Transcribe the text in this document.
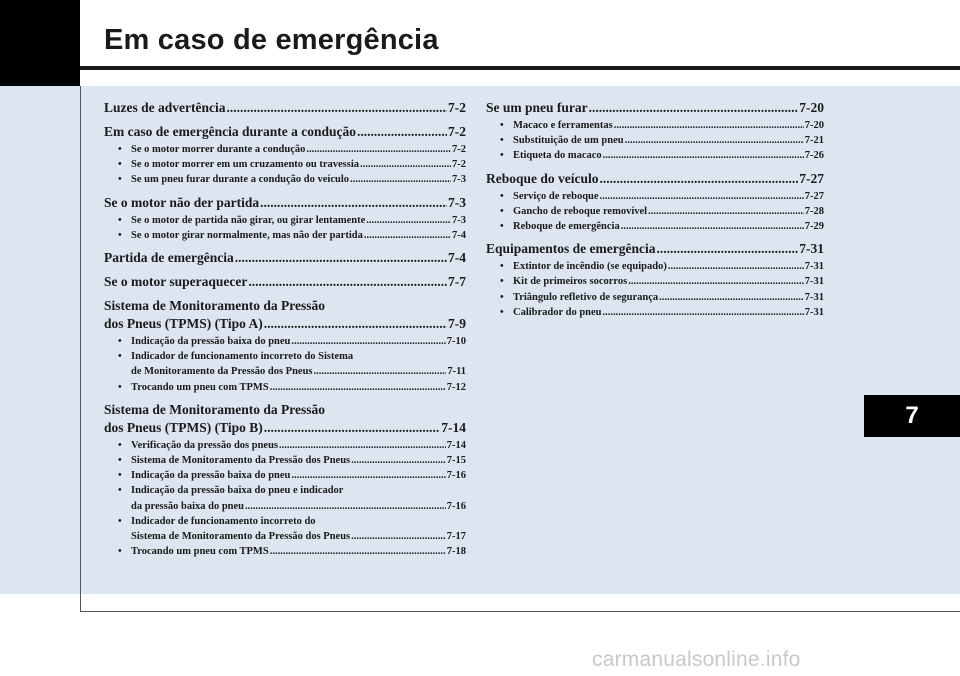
Em caso de emergência
7
Luzes de advertência .....	7-2
Em caso de emergência durante a condução .....	7-2
• Se o motor morrer durante a condução .....	7-2
• Se o motor morrer em um cruzamento ou travessia .....	7-2
• Se um pneu furar durante a condução do veículo .....	7-3
Se o motor não der partida .....	7-3
• Se o motor de partida não girar, ou girar lentamente .....	7-3
• Se o motor girar normalmente, mas não der partida .....	7-4
Partida de emergência .....	7-4
Se o motor superaquecer .....	7-7
Sistema de Monitoramento da Pressão
dos Pneus (TPMS) (Tipo A) .....	7-9
• Indicação da pressão baixa do pneu .....	7-10
• Indicador de funcionamento incorreto do Sistema
de Monitoramento da Pressão dos Pneus .....	7-11
• Trocando um pneu com TPMS .....	7-12
Sistema de Monitoramento da Pressão
dos Pneus (TPMS) (Tipo B) .....	7-14
• Verificação da pressão dos pneus .....	7-14
• Sistema de Monitoramento da Pressão dos Pneus .....	7-15
• Indicação da pressão baixa do pneu .....	7-16
• Indicação da pressão baixa do pneu e indicador
da pressão baixa do pneu .....	7-16
• Indicador de funcionamento incorreto do
Sistema de Monitoramento da Pressão dos Pneus .....	7-17
• Trocando um pneu com TPMS .....	7-18
Se um pneu furar .....	7-20
• Macaco e ferramentas .....	7-20
• Substituição de um pneu .....	7-21
• Etiqueta do macaco .....	7-26
Reboque do veículo .....	7-27
• Serviço de reboque .....	7-27
• Gancho de reboque removível .....	7-28
• Reboque de emergência .....	7-29
Equipamentos de emergência .....	7-31
• Extintor de incêndio (se equipado) .....	7-31
• Kit de primeiros socorros .....	7-31
• Triângulo refletivo de segurança .....	7-31
• Calibrador do pneu .....	7-31
carmanualsonline.info
